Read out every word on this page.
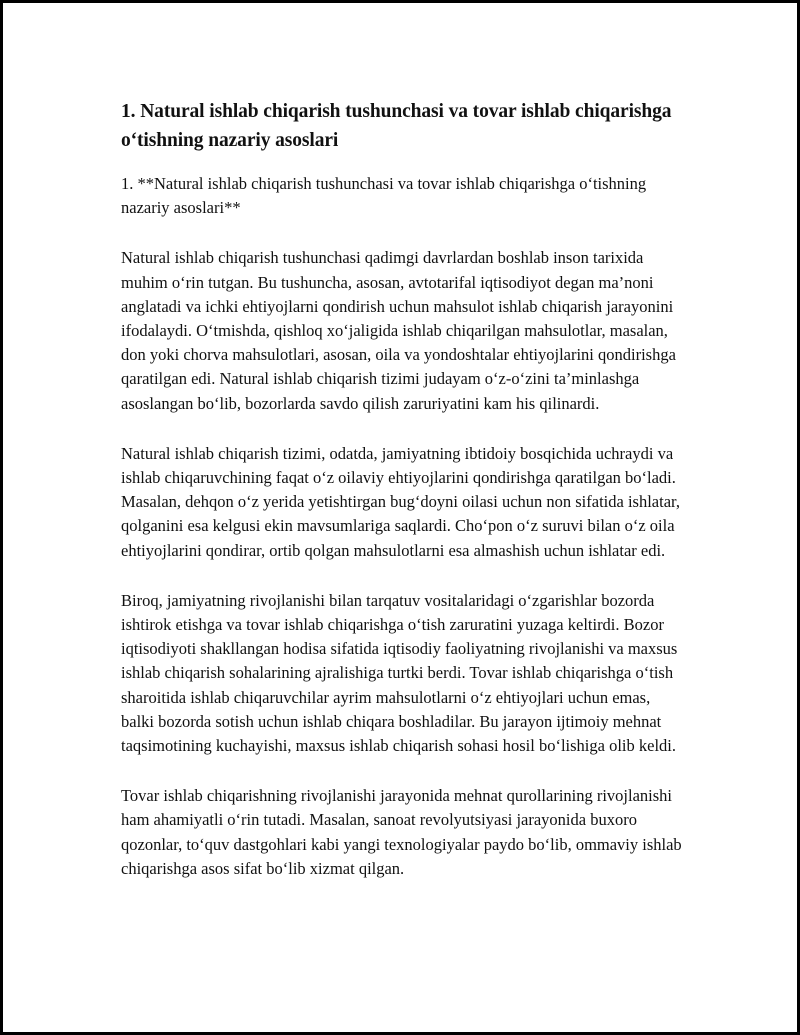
1. Natural ishlab chiqarish tushunchasi va tovar ishlab chiqarishga o‘tishning nazariy asoslari

1. **Natural ishlab chiqarish tushunchasi va tovar ishlab chiqarishga o‘tishning nazariy asoslari**

Natural ishlab chiqarish tushunchasi qadimgi davrlardan boshlab inson tarixida muhim o‘rin tutgan. Bu tushuncha, asosan, avtotarifal iqtisodiyot degan ma’noni anglatadi va ichki ehtiyojlarni qondirish uchun mahsulot ishlab chiqarish jarayonini ifodalaydi. O‘tmishda, qishloq xo‘jaligida ishlab chiqarilgan mahsulotlar, masalan, don yoki chorva mahsulotlari, asosan, oila va yondoshtalar ehtiyojlarini qondirishga qaratilgan edi. Natural ishlab chiqarish tizimi judayam o‘z-o‘zini ta’minlashga asoslangan bo‘lib, bozorlarda savdo qilish zaruriyatini kam his qilinardi.

Natural ishlab chiqarish tizimi, odatda, jamiyatning ibtidoiy bosqichida uchraydi va ishlab chiqaruvchining faqat o‘z oilaviy ehtiyojlarini qondirishga qaratilgan bo‘ladi. Masalan, dehqon o‘z yerida yetishtirgan bug‘doyni oilasi uchun non sifatida ishlatar, qolganini esa kelgusi ekin mavsumlariga saqlardi. Cho‘pon o‘z suruvi bilan o‘z oila ehtiyojlarini qondirar, ortib qolgan mahsulotlarni esa almashish uchun ishlatar edi.

Biroq, jamiyatning rivojlanishi bilan tarqatuv vositalaridagi o‘zgarishlar bozorda ishtirok etishga va tovar ishlab chiqarishga o‘tish zaruratini yuzaga keltirdi. Bozor iqtisodiyoti shakllangan hodisa sifatida iqtisodiy faoliyatning rivojlanishi va maxsus ishlab chiqarish sohalarining ajralishiga turtki berdi. Tovar ishlab chiqarishga o‘tish sharoitida ishlab chiqaruvchilar ayrim mahsulotlarni o‘z ehtiyojlari uchun emas, balki bozorda sotish uchun ishlab chiqara boshladilar. Bu jarayon ijtimoiy mehnat taqsimotining kuchayishi, maxsus ishlab chiqarish sohasi hosil bo‘lishiga olib keldi.

Tovar ishlab chiqarishning rivojlanishi jarayonida mehnat qurollarining rivojlanishi ham ahamiyatli o‘rin tutadi. Masalan, sanoat revolyutsiyasi jarayonida buxoro qozonlar, to‘quv dastgohlari kabi yangi texnologiyalar paydo bo‘lib, ommaviy ishlab chiqarishga asos sifat bo‘lib xizmat qilgan.
